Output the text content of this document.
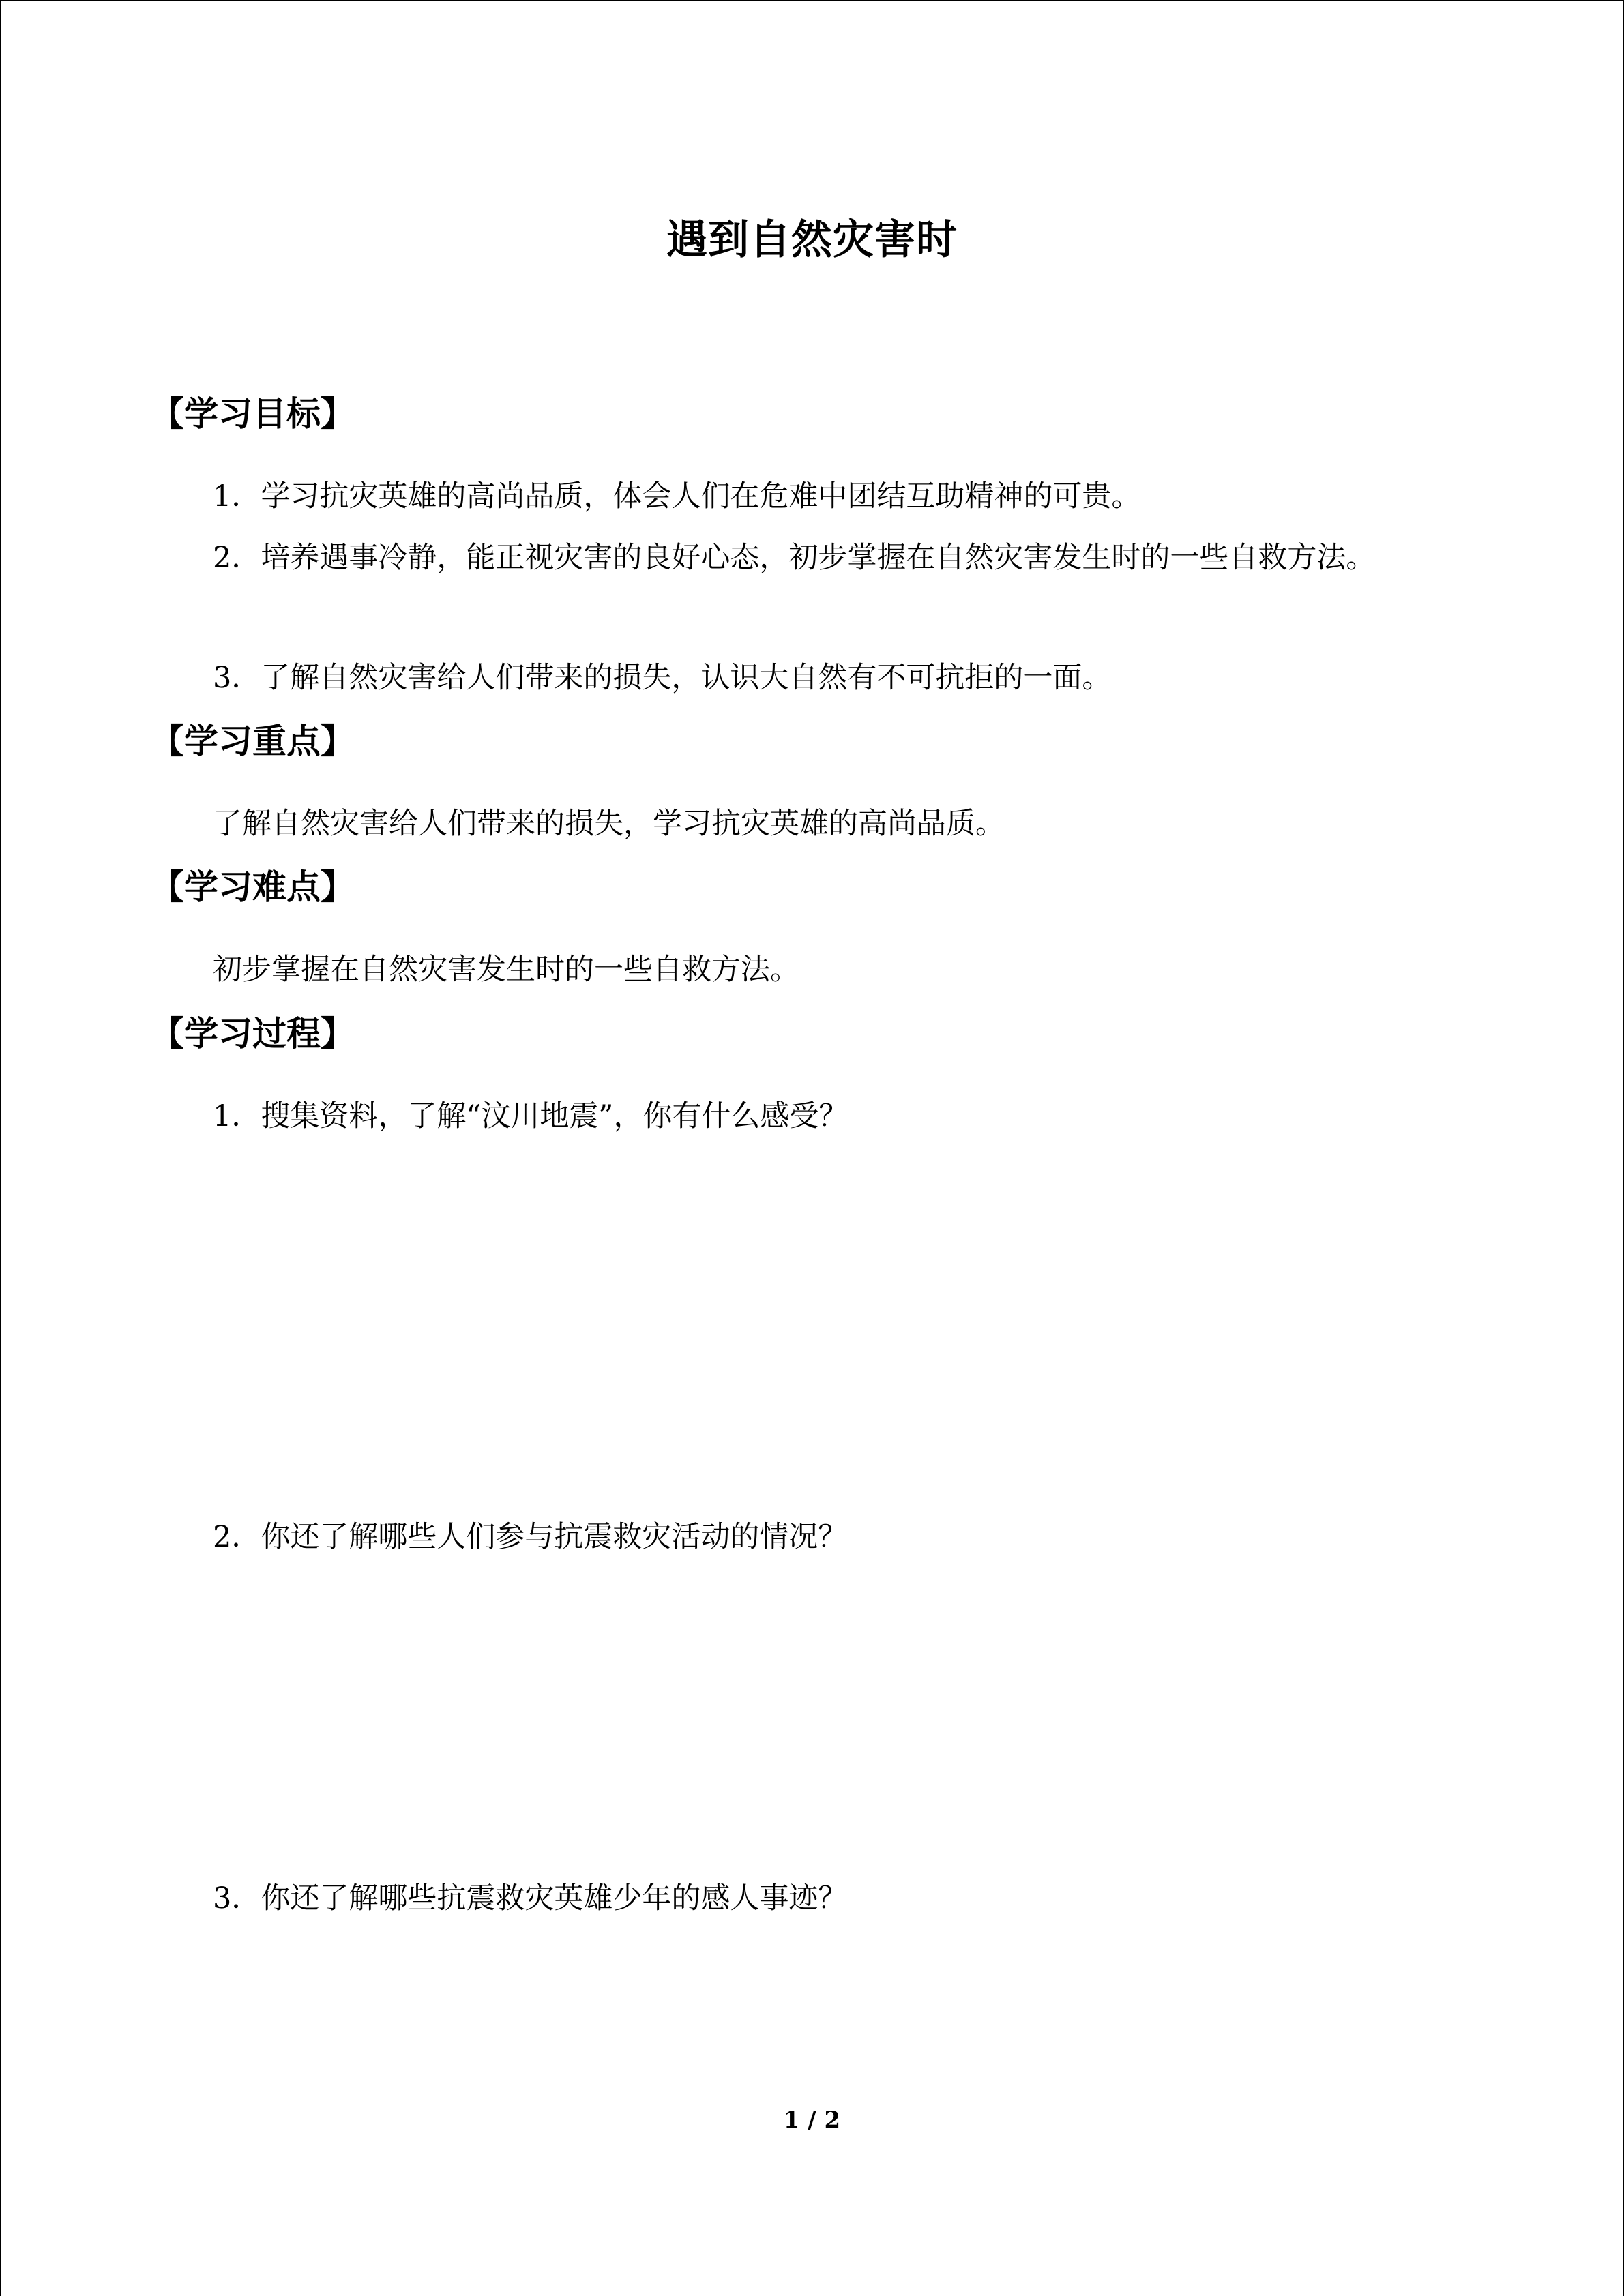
遇到自然灾害时
【学习目标】
1．学习抗灾英雄的高尚品质，体会人们在危难中团结互助精神的可贵。
2．培养遇事冷静，能正视灾害的良好心态，初步掌握在自然灾害发生时的一些自救方法。
3．了解自然灾害给人们带来的损失，认识大自然有不可抗拒的一面。
【学习重点】
了解自然灾害给人们带来的损失，学习抗灾英雄的高尚品质。
【学习难点】
初步掌握在自然灾害发生时的一些自救方法。
【学习过程】
1．搜集资料，了解“汶川地震”，你有什么感受？
2．你还了解哪些人们参与抗震救灾活动的情况？
3．你还了解哪些抗震救灾英雄少年的感人事迹？
1 / 2
